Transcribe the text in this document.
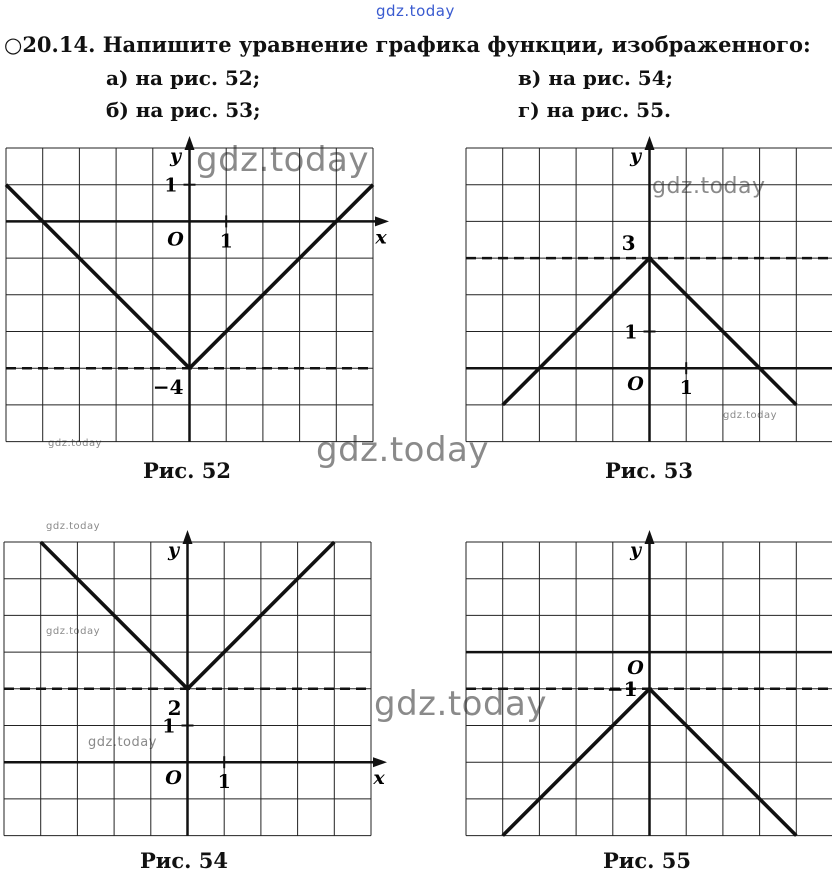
gdz.today
gdz.today
gdz.today
gdz.today
gdz.today
gdz.today
gdz.today
gdz.today
gdz.today
gdz.today
○20.14. Напишите уравнение графика функции, изображенного:
а) на рис. 52;
б) на рис. 53;
в) на рис. 54;
г) на рис. 55.
x
y
O 1
1
−4
y
O 1
1
3
x
y
O 1
1
2
y
O
−1
Рис. 52	Рис. 53
Рис. 54	Рис. 55
